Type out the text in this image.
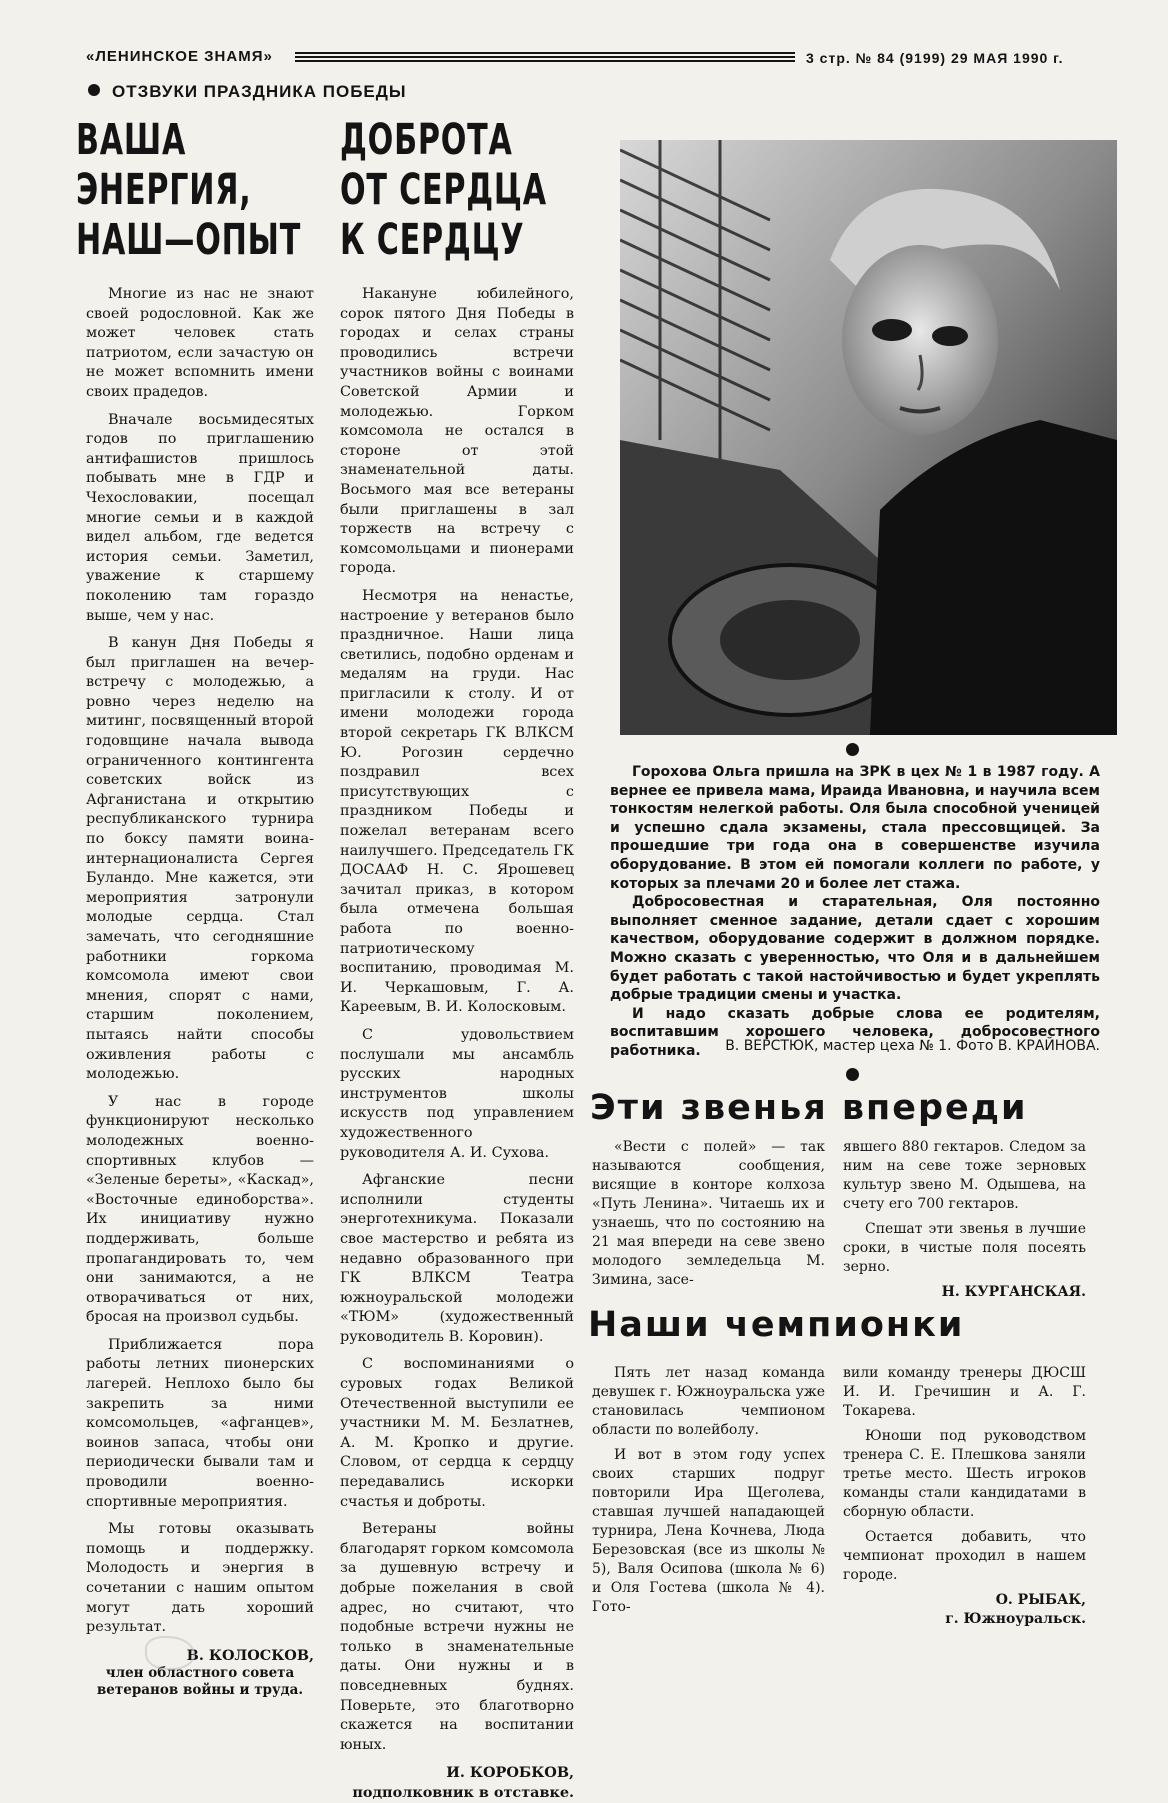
«ЛЕНИНСКОЕ ЗНАМЯ»	3 стр. № 84 (9199) 29 МАЯ 1990 г.
ОТЗВУКИ ПРАЗДНИКА ПОБЕДЫ
ВАША
ЭНЕРГИЯ,
НАШ—ОПЫТ
ДОБРОТА
ОТ СЕРДЦА
К СЕРДЦУ

Многие из нас не знают своей родословной. Как же может человек стать патриотом, если зачастую он не может вспомнить имени своих прадедов.

Вначале восьмидесятых годов по приглашению антифашистов пришлось побывать мне в ГДР и Чехословакии, посещал многие семьи и в каждой видел альбом, где ведется история семьи. Заметил, уважение к старшему поколению там гораздо выше, чем у нас.

В канун Дня Победы я был приглашен на вечер-встречу с молодежью, а ровно через неделю на митинг, посвященный второй годовщине начала вывода ограниченного контингента советских войск из Афганистана и открытию республиканского турнира по боксу памяти воина-интернационалиста Сергея Буландо. Мне кажется, эти мероприятия затронули молодые сердца. Стал замечать, что сегодняшние работники горкома комсомола имеют свои мнения, спорят с нами, старшим поколением, пытаясь найти способы оживления работы с молодежью.

У нас в городе функционируют несколько молодежных военно-спортивных клубов — «Зеленые береты», «Каскад», «Восточные единоборства». Их инициативу нужно поддерживать, больше пропагандировать то, чем они занимаются, а не отворачиваться от них, бросая на произвол судьбы.

Приближается пора работы летних пионерских лагерей. Неплохо было бы закрепить за ними комсомольцев, «афганцев», воинов запаса, чтобы они периодически бывали там и проводили военно-спортивные мероприятия.

Мы готовы оказывать помощь и поддержку. Молодость и энергия в сочетании с нашим опытом могут дать хороший результат.

В. КОЛОСКОВ,
член областного совета ветеранов войны и труда.

Накануне юбилейного, сорок пятого Дня Победы в городах и селах страны проводились встречи участников войны с воинами Советской Армии и молодежью. Горком комсомола не остался в стороне от этой знаменательной даты. Восьмого мая все ветераны были приглашены в зал торжеств на встречу с комсомольцами и пионерами города.

Несмотря на ненастье, настроение у ветеранов было праздничное. Наши лица светились, подобно орденам и медалям на груди. Нас пригласили к столу. И от имени молодежи города второй секретарь ГК ВЛКСМ Ю. Рогозин сердечно поздравил всех присутствующих с праздником Победы и пожелал ветеранам всего наилучшего. Председатель ГК ДОСААФ Н. С. Ярошевец зачитал приказ, в котором была отмечена большая работа по военно-патриотическому воспитанию, проводимая М. И. Черкашовым, Г. А. Кареевым, В. И. Колосковым.

С удовольствием послушали мы ансамбль русских народных инструментов школы искусств под управлением художественного руководителя А. И. Сухова.

Афганские песни исполнили студенты энерготехникума. Показали свое мастерство и ребята из недавно образованного при ГК ВЛКСМ Театра южноуральской молодежи «ТЮМ» (художественный руководитель В. Коровин).

С воспоминаниями о суровых годах Великой Отечественной выступили ее участники М. М. Безлатнев, А. М. Кропко и другие. Словом, от сердца к сердцу передавались искорки счастья и доброты.

Ветераны войны благодарят горком комсомола за душевную встречу и добрые пожелания в свой адрес, но считают, что подобные встречи нужны не только в знаменательные даты. Они нужны и в повседневных буднях. Поверьте, это благотворно скажется на воспитании юных.

И. КОРОБКОВ,
подполковник в отставке.

Горохова Ольга пришла на ЗРК в цех № 1 в 1987 году. А вернее ее привела мама, Ираида Ивановна, и научила всем тонкостям нелегкой работы. Оля была способной ученицей и успешно сдала экзамены, стала прессовщицей. За прошедшие три года она в совершенстве изучила оборудование. В этом ей помогали коллеги по работе, у которых за плечами 20 и более лет стажа.

Добросовестная и старательная, Оля постоянно выполняет сменное задание, детали сдает с хорошим качеством, оборудование содержит в должном порядке. Можно сказать с уверенностью, что Оля и в дальнейшем будет работать с такой настойчивостью и будет укреплять добрые традиции смены и участка.

И надо сказать добрые слова ее родителям, воспитавшим хорошего человека, добросовестного работника.	В. ВЕРСТЮК, мастер цеха № 1. Фото В. КРАЙНОВА.
Эти звенья впереди

«Вести с полей» — так называются сообщения, висящие в конторе колхоза «Путь Ленина». Читаешь их и узнаешь, что по состоянию на 21 мая впереди на севе звено молодого земледельца М. Зимина, засе-

явшего 880 гектаров. Следом за ним на севе тоже зерновых культур звено М. Одышева, на счету его 700 гектаров.

Спешат эти звенья в лучшие сроки, в чистые поля посеять зерно.

Н. КУРГАНСКАЯ.
Наши чемпионки

Пять лет назад команда девушек г. Южноуральска уже становилась чемпионом области по волейболу.

И вот в этом году успех своих старших подруг повторили Ира Щеголева, ставшая лучшей нападающей турнира, Лена Кочнева, Люда Березовская (все из школы № 5), Валя Осипова (школа № 6) и Оля Гостева (школа № 4). Гото-

вили команду тренеры ДЮСШ И. И. Гречишин и А. Г. Токарева.

Юноши под руководством тренера С. Е. Плешкова заняли третье место. Шесть игроков команды стали кандидатами в сборную области.

Остается добавить, что чемпионат проходил в нашем городе.

О. РЫБАК,
г. Южноуральск.
